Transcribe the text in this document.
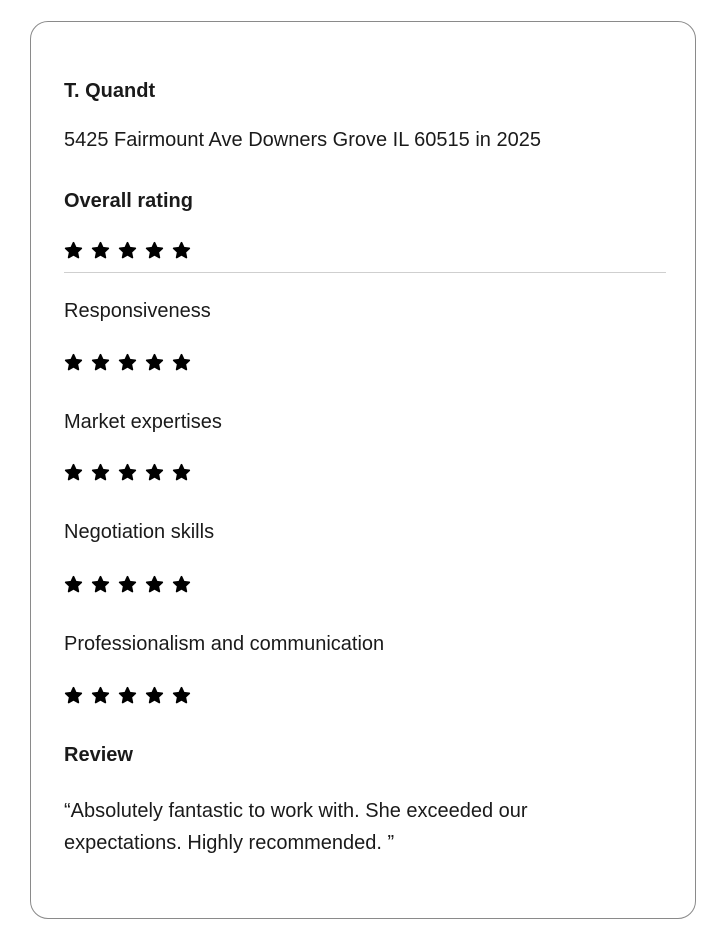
T. Quandt
5425 Fairmount Ave Downers Grove IL 60515 in 2025
Overall rating
Responsiveness
Market expertises
Negotiation skills
Professionalism and communication
Review
“Absolutely fantastic to work with. She exceeded our expectations. Highly recommended. ”
